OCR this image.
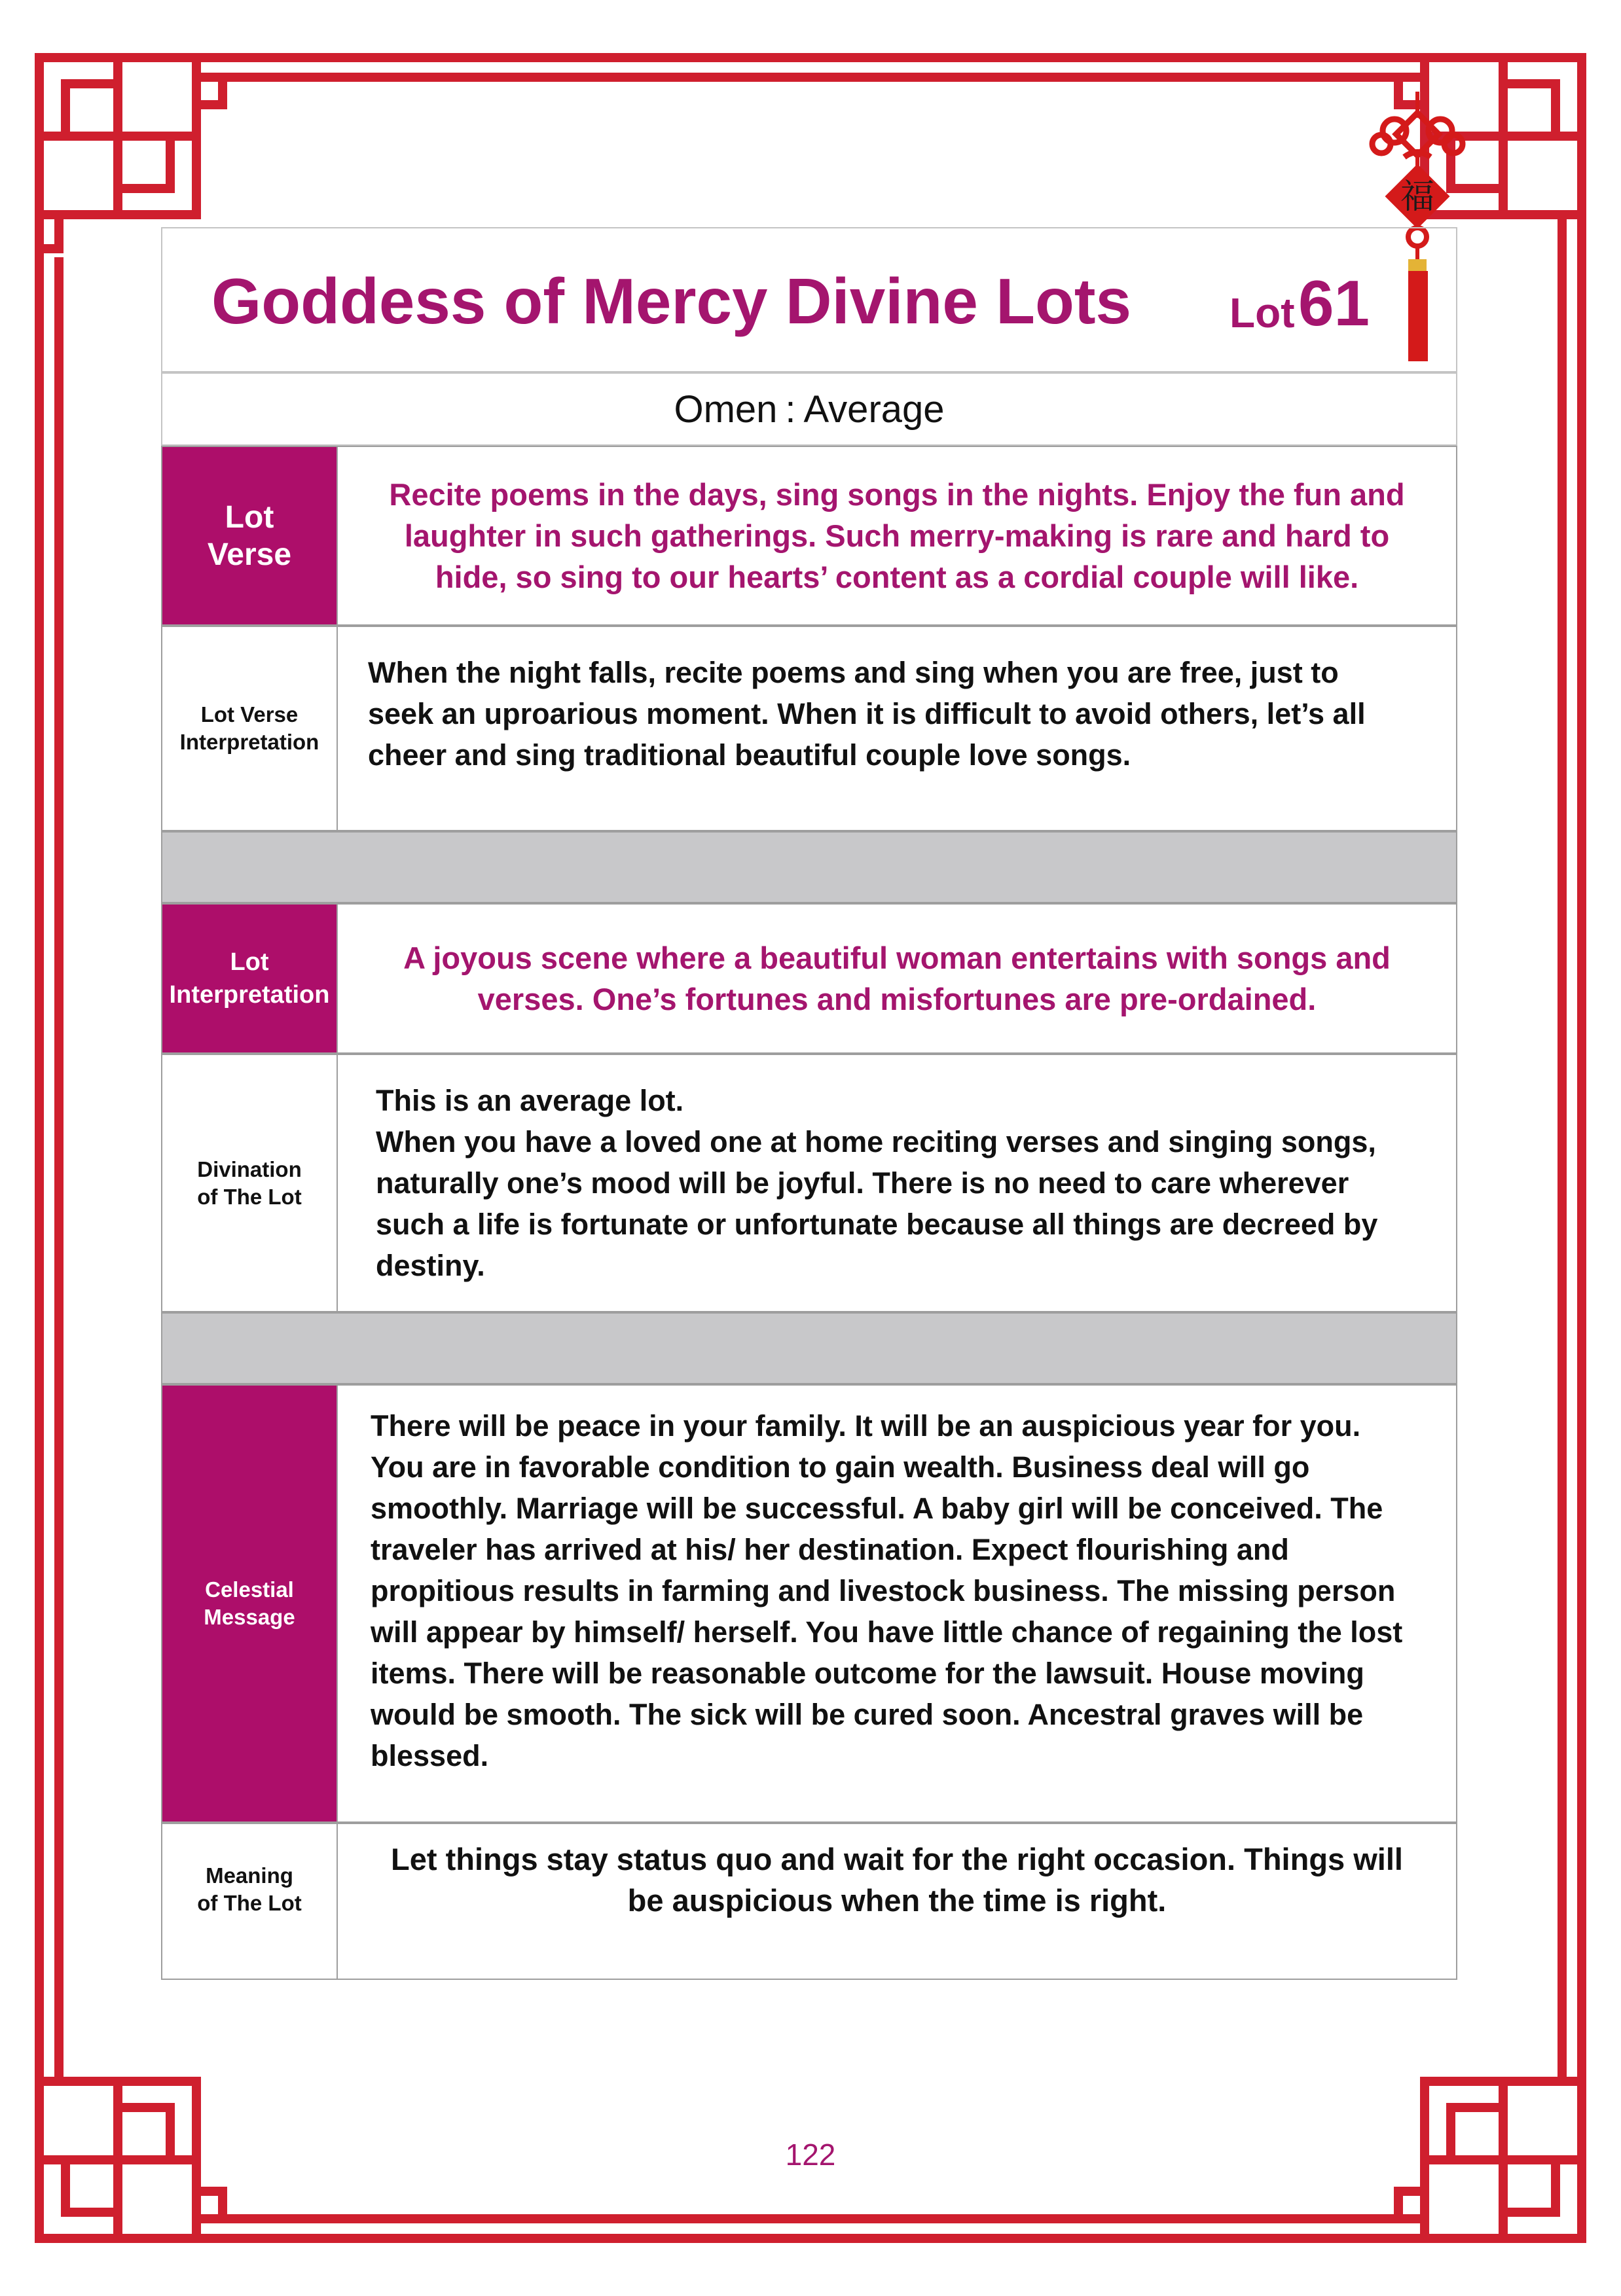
福
Goddess of Mercy Divine Lots Lot 61
Omen : Average
Lot
Verse
Recite poems in the days, sing songs in the nights. Enjoy the fun and
laughter in such gatherings. Such merry-making is rare and hard to
hide, so sing to our hearts’ content as a cordial couple will like.
Lot Verse
Interpretation
When the night falls, recite poems and sing when you are free, just to
seek an uproarious moment. When it is difficult to avoid others, let’s all
cheer and sing traditional beautiful couple love songs.
Lot
Interpretation
A joyous scene where a beautiful woman entertains with songs and
verses. One’s fortunes and misfortunes are pre-ordained.
Divination
of The Lot
This is an average lot.
When you have a loved one at home reciting verses and singing songs,
naturally one’s mood will be joyful. There is no need to care wherever
such a life is fortunate or unfortunate because all things are decreed by
destiny.
Celestial
Message
There will be peace in your family. It will be an auspicious year for you.
You are in favorable condition to gain wealth. Business deal will go
smoothly. Marriage will be successful. A baby girl will be conceived. The
traveler has arrived at his/ her destination. Expect flourishing and
propitious results in farming and livestock business. The missing person
will appear by himself/ herself. You have little chance of regaining the lost
items. There will be reasonable outcome for the lawsuit. House moving
would be smooth. The sick will be cured soon. Ancestral graves will be
blessed.
Meaning
of The Lot
Let things stay status quo and wait for the right occasion. Things will
be auspicious when the time is right.
122
